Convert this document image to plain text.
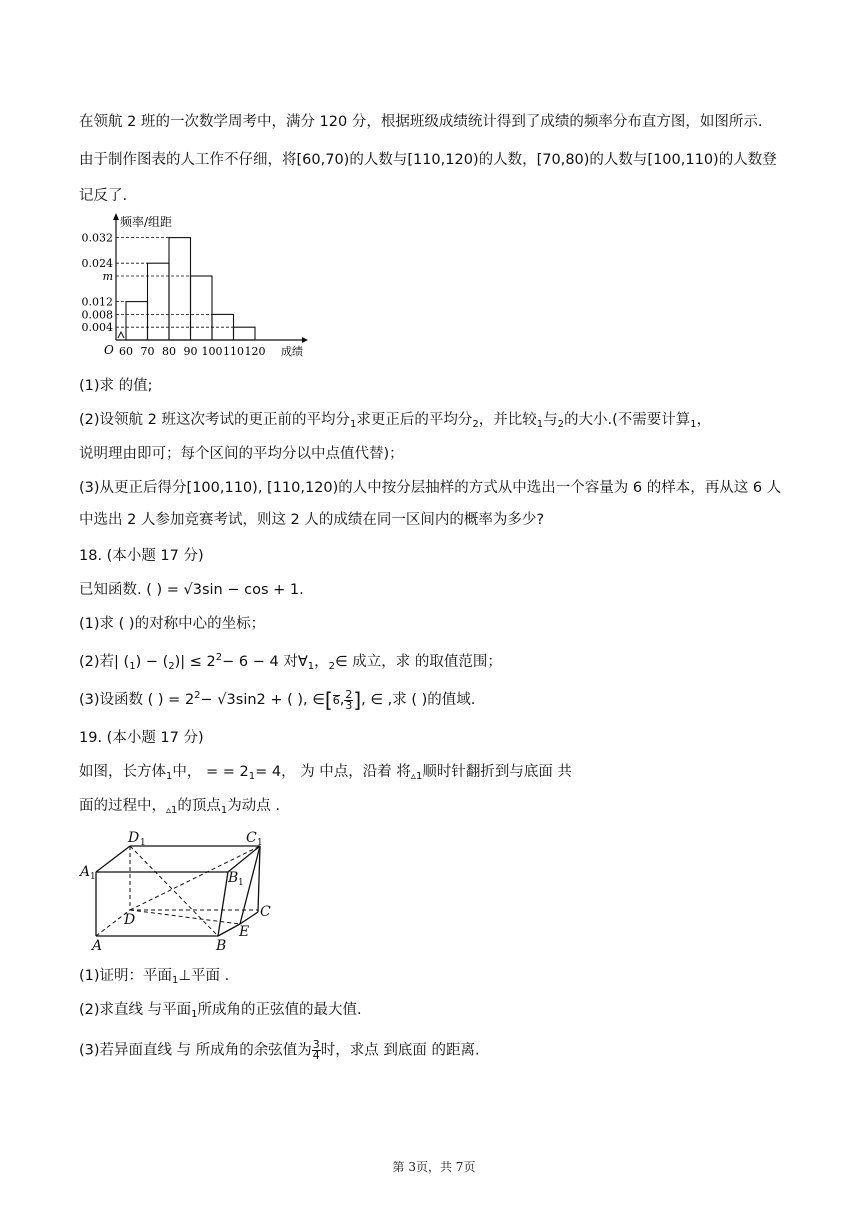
在领航 2 班的一次数学周考中，满分 120 分，根据班级成绩统计得到了成绩的频率分布直方图，如图所示.
由于制作图表的人工作不仔细，将[60,70)的人数与[110,120)的人数，[70,80)的人数与[100,110)的人数登
记反了.
0.004
0.008
0.012
m
0.024
0.032
60 70 80 90 100 110 120
O
频率/组距
成绩
(1)求 的值;
(2)设领航 2 班这次考试的更正前的平均分$_1$求更正后的平均分$_2$，并比较$_1$与$_2$的大小.(不需要计算$_1$，
说明理由即可；每个区间的平均分以中点值代替)；
(3)从更正后得分[100,110), [110,120)的人中按分层抽样的方式从中选出一个容量为 6 的样本，再从这 6 人
中选出 2 人参加竞赛考试，则这 2 人的成绩在同一区间内的概率为多少?
18. (本小题 17 分)
已知函数. ( ) = √3sin − cos + 1.
(1)求 ( )的对称中心的坐标；
(2)若| $(_1) - (_2)| \le 2^2- 6 - 4$ 对$\forall_1$，$_2$∈ 成立，求 的取值范围；
(3)设函数 ( ) = $2^2- √3\sin 2$ + ( ), ∈[ 6 , $\frac{2}{3}$ ], ∈ ,求 ( )的值域.
19. (本小题 17 分)
如图，长方体$_1$中， = = $2_1= 4$， 为 中点，沿着 将$_{▵1}$顺时针翻折到与底面 共
面的过程中，$_{▵1}$的顶点$_1$为动点 .
D 1	C 1
A 1	B 1
D	C
A	B
E
(1)证明：平面$_1$⊥平面 .
(2)求直线 与平面$_1$所成角的正弦值的最大值.
(3)若异面直线 与 所成角的余弦值为 $\frac{3}{4}$ 时，求点 到底面 的距离.
第 3页，共 7页
